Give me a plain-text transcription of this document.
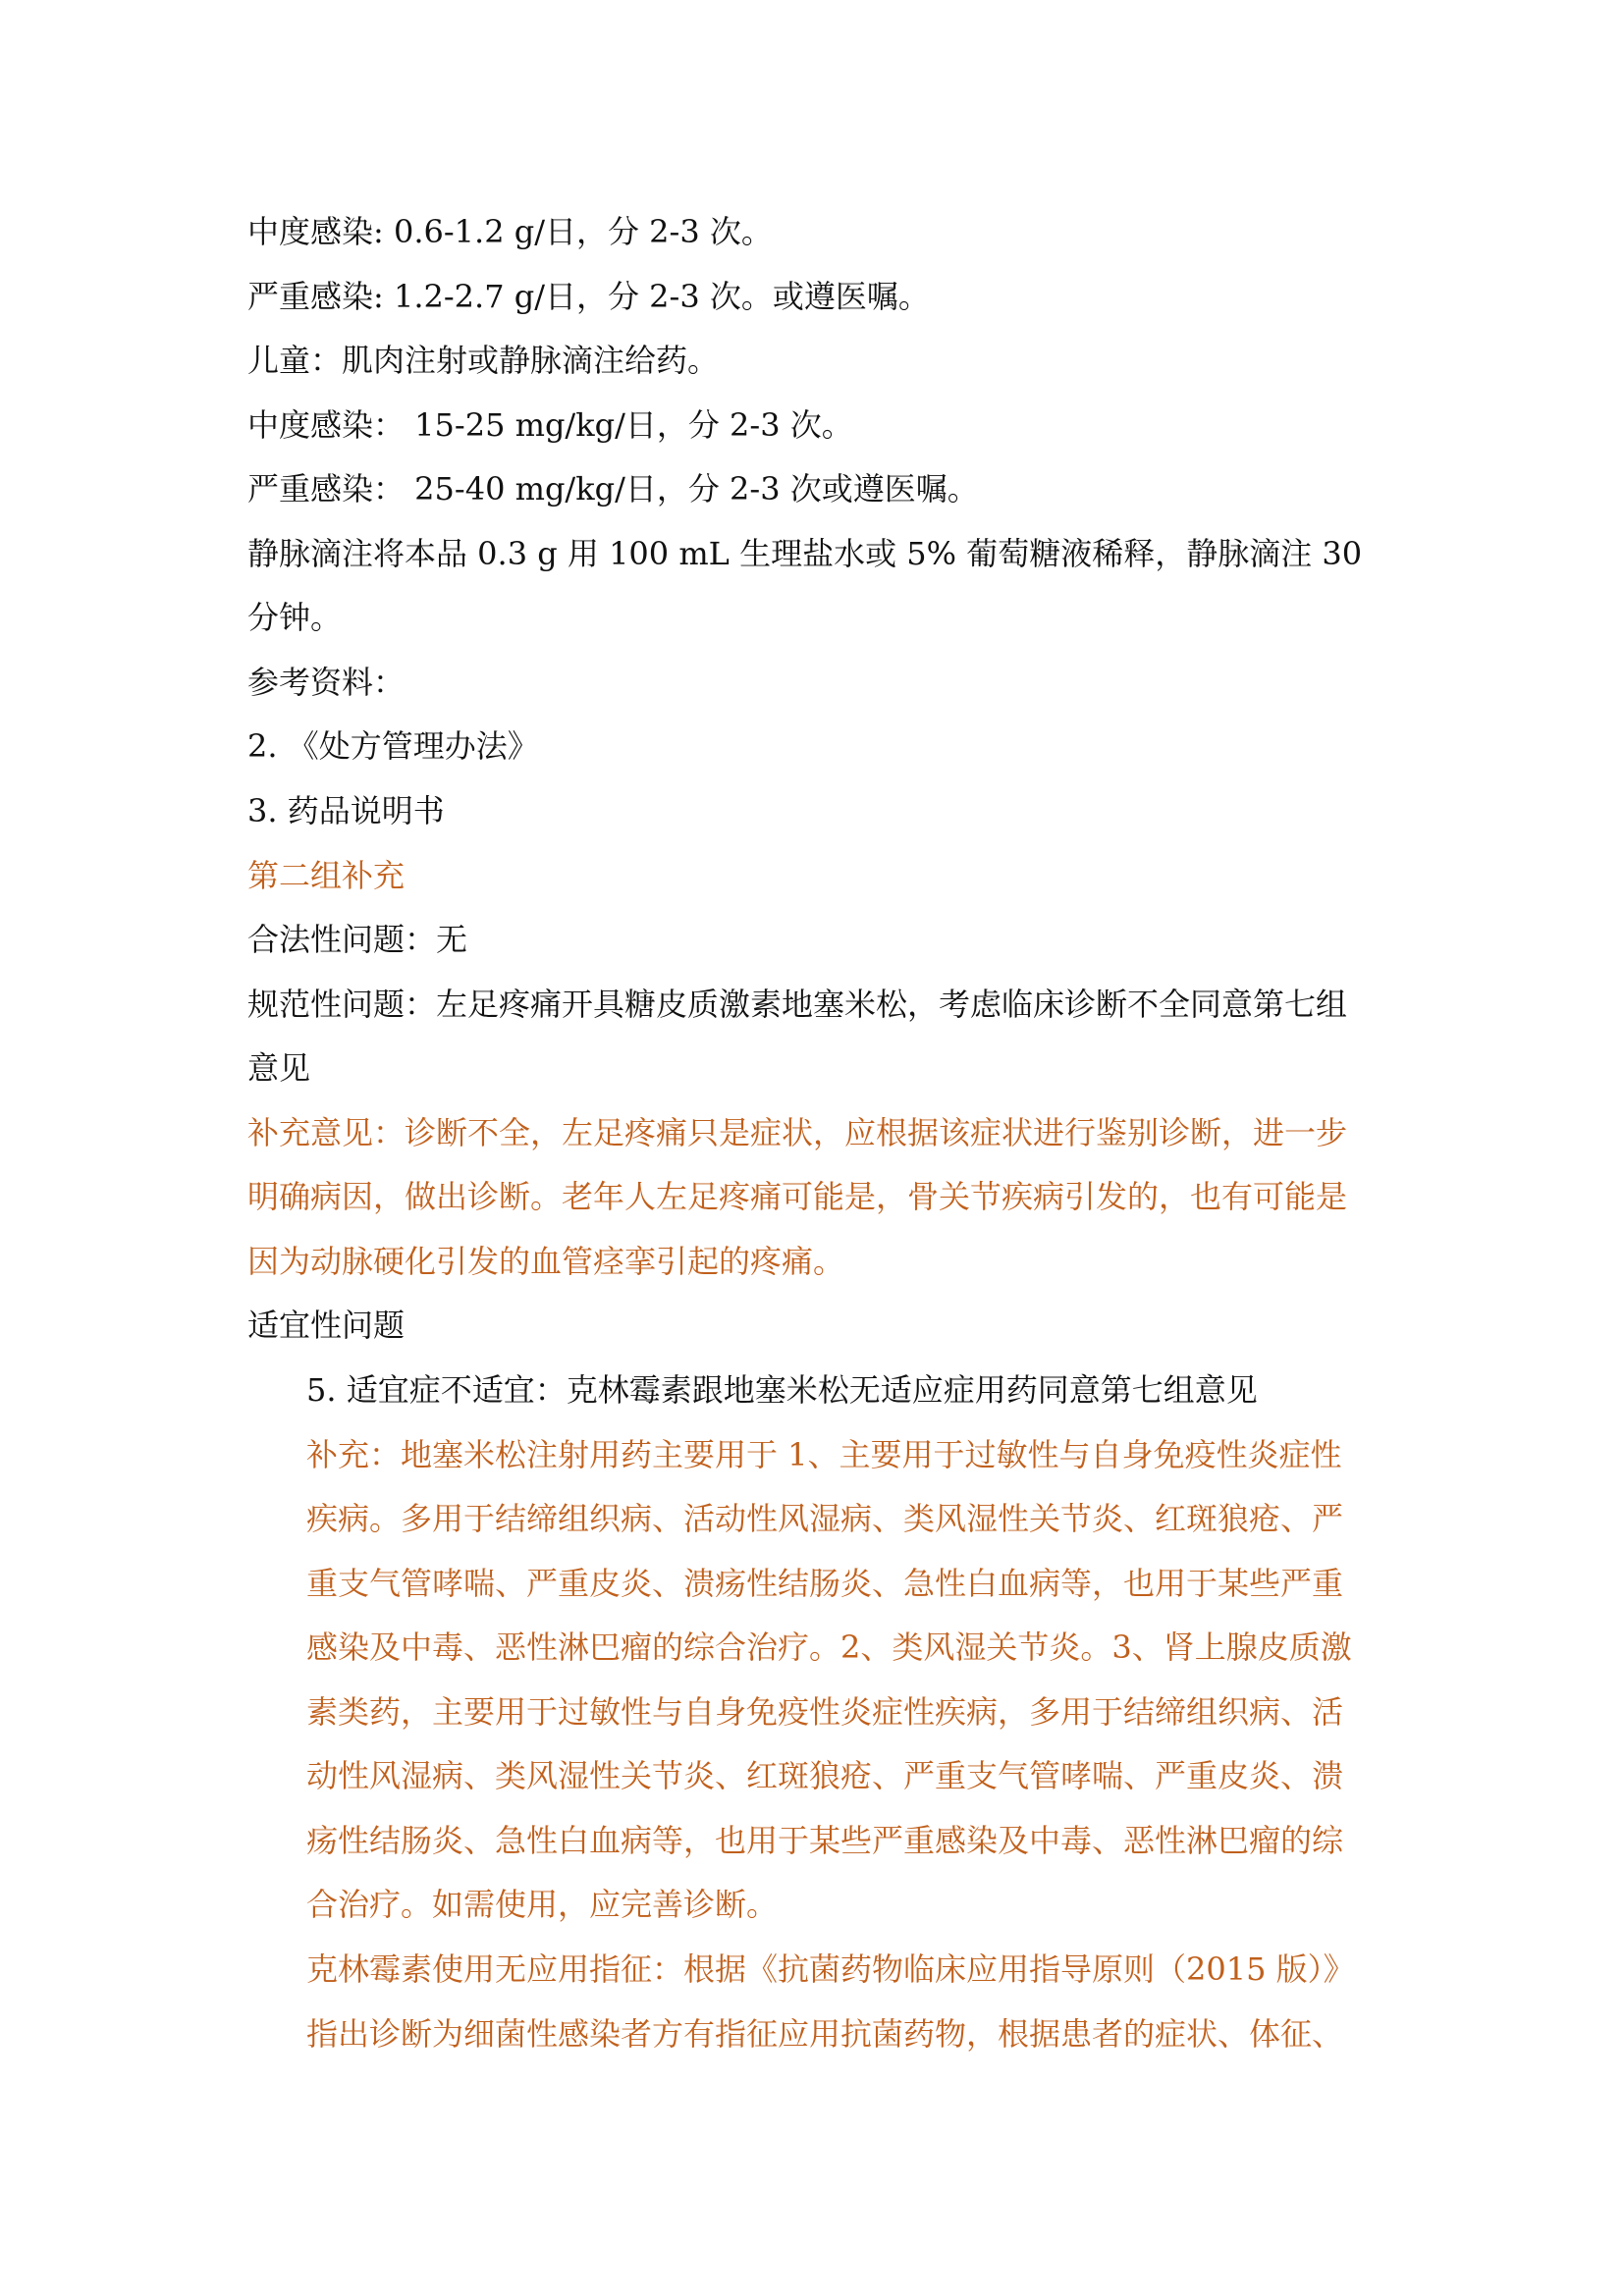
中度感染: 0.6-1.2 g/日，分 2-3 次。
严重感染: 1.2-2.7 g/日，分 2-3 次。或遵医嘱。
儿童：肌肉注射或静脉滴注给药。
中度感染： 15-25 mg/kg/日，分 2-3 次。
严重感染： 25-40 mg/kg/日，分 2-3 次或遵医嘱。
静脉滴注将本品 0.3 g 用 100 mL 生理盐水或 5% 葡萄糖液稀释，静脉滴注 30
分钟。
参考资料：
2. 《处方管理办法》
3. 药品说明书
第二组补充
合法性问题：无
规范性问题：左足疼痛开具糖皮质激素地塞米松，考虑临床诊断不全同意第七组
意见
补充意见：诊断不全，左足疼痛只是症状，应根据该症状进行鉴别诊断，进一步
明确病因，做出诊断。老年人左足疼痛可能是，骨关节疾病引发的，也有可能是
因为动脉硬化引发的血管痉挛引起的疼痛。
适宜性问题
5. 适宜症不适宜：克林霉素跟地塞米松无适应症用药同意第七组意见
补充：地塞米松注射用药主要用于 1、主要用于过敏性与自身免疫性炎症性
疾病。多用于结缔组织病、活动性风湿病、类风湿性关节炎、红斑狼疮、严
重支气管哮喘、严重皮炎、溃疡性结肠炎、急性白血病等，也用于某些严重
感染及中毒、恶性淋巴瘤的综合治疗。2、类风湿关节炎。3、肾上腺皮质激
素类药，主要用于过敏性与自身免疫性炎症性疾病，多用于结缔组织病、活
动性风湿病、类风湿性关节炎、红斑狼疮、严重支气管哮喘、严重皮炎、溃
疡性结肠炎、急性白血病等，也用于某些严重感染及中毒、恶性淋巴瘤的综
合治疗。如需使用，应完善诊断。
克林霉素使用无应用指征：根据《抗菌药物临床应用指导原则（2015 版）》
指出诊断为细菌性感染者方有指征应用抗菌药物，根据患者的症状、体征、
